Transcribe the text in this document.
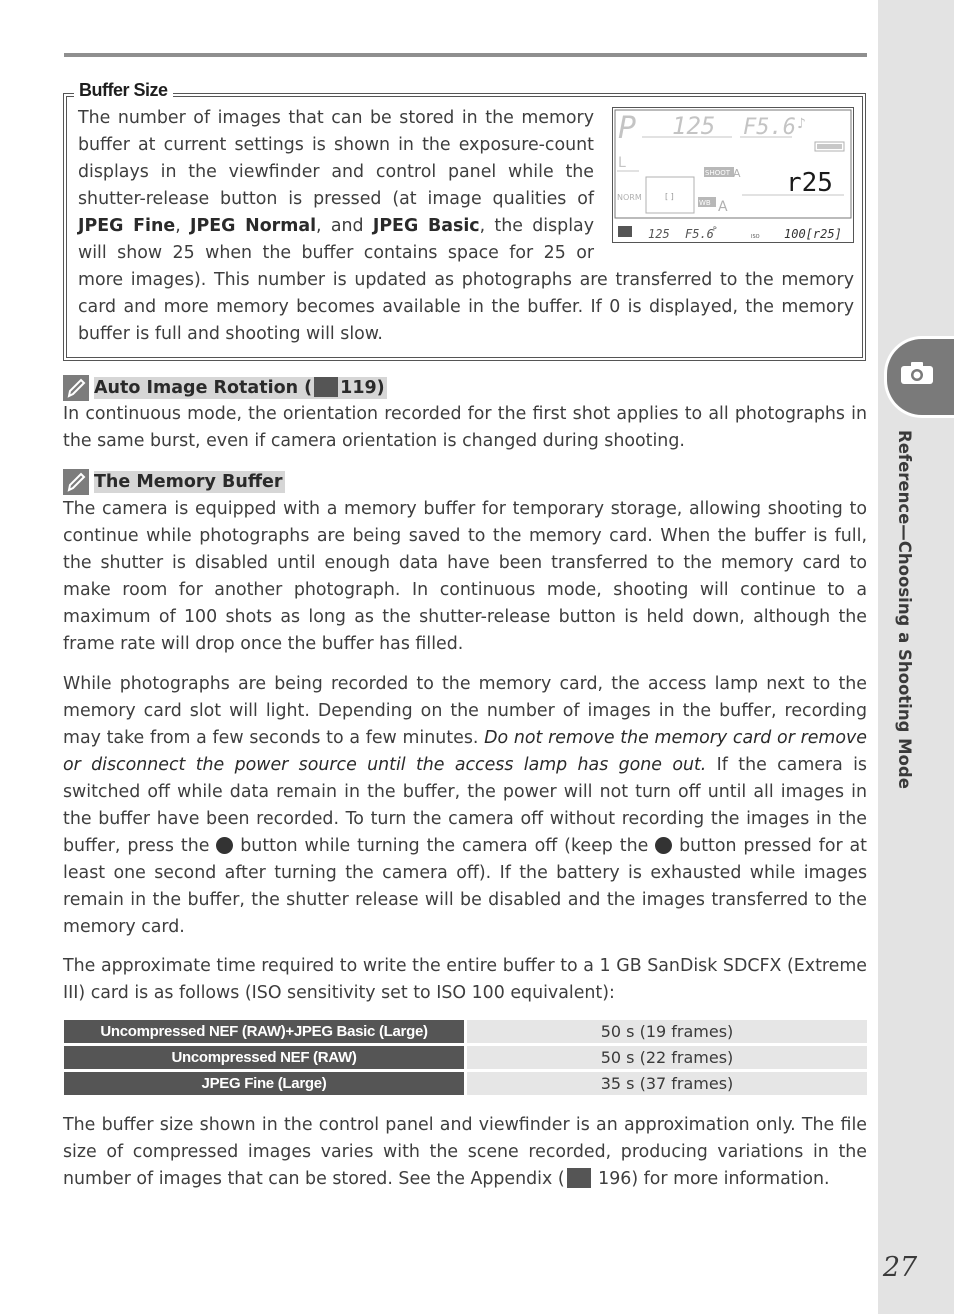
Reference—Choosing a Shooting Mode
27
Buffer Size
The number of images that can be stored in the memory buffer at current settings is shown in the exposure-count displays in the viewfinder and control panel while the shutter-release button is pressed (at image qualities of JPEG Fine, JPEG Normal, and JPEG Basic, the display will show 25 when the buffer contains space for 25 or more images). This number is updated as photographs are transferred to the memory card and more memory becomes available in the buffer. If 0 is displayed, the memory buffer is full and shooting will slow.
P 125 F5.6 ♪
L
NORM	[ ]
SHOOT A
WB A
r25
125 F5.6 P
ISO 100[r25]
Auto Image Rotation ( 119)
In continuous mode, the orientation recorded for the first shot applies to all photographs in the same burst, even if camera orientation is changed during shooting.
The Memory Buffer
The camera is equipped with a memory buffer for temporary storage, allowing shooting to continue while photographs are being saved to the memory card. When the buffer is full, the shutter is disabled until enough data have been transferred to the memory card to make room for another photograph. In continuous mode, shooting will continue to a maximum of 100 shots as long as the shutter-release button is held down, although the frame rate will drop once the buffer has filled.
While photographs are being recorded to the memory card, the access lamp next to the memory card slot will light. Depending on the number of images in the buffer, recording may take from a few seconds to a few minutes. Do not remove the memory card or remove or disconnect the power source until the access lamp has gone out. If the camera is switched off while data remain in the buffer, the power will not turn off until all images in the buffer have been recorded. To turn the camera off without recording the images in the buffer, press the  button while turning the camera off (keep the  button pressed for at least one second after turning the camera off). If the battery is exhausted while images remain in the buffer, the shutter release will be disabled and the images transferred to the memory card.
The approximate time required to write the entire buffer to a 1 GB SanDisk SDCFX (Extreme III) card is as follows (ISO sensitivity set to ISO 100 equivalent):
Uncompressed NEF (RAW)+JPEG Basic (Large)	50 s (19 frames)
Uncompressed NEF (RAW)	50 s (22 frames)
JPEG Fine (Large)	35 s (37 frames)
The buffer size shown in the control panel and viewfinder is an approximation only. The file size of compressed images varies with the scene recorded, producing variations in the number of images that can be stored. See the Appendix ( 196) for more information.
